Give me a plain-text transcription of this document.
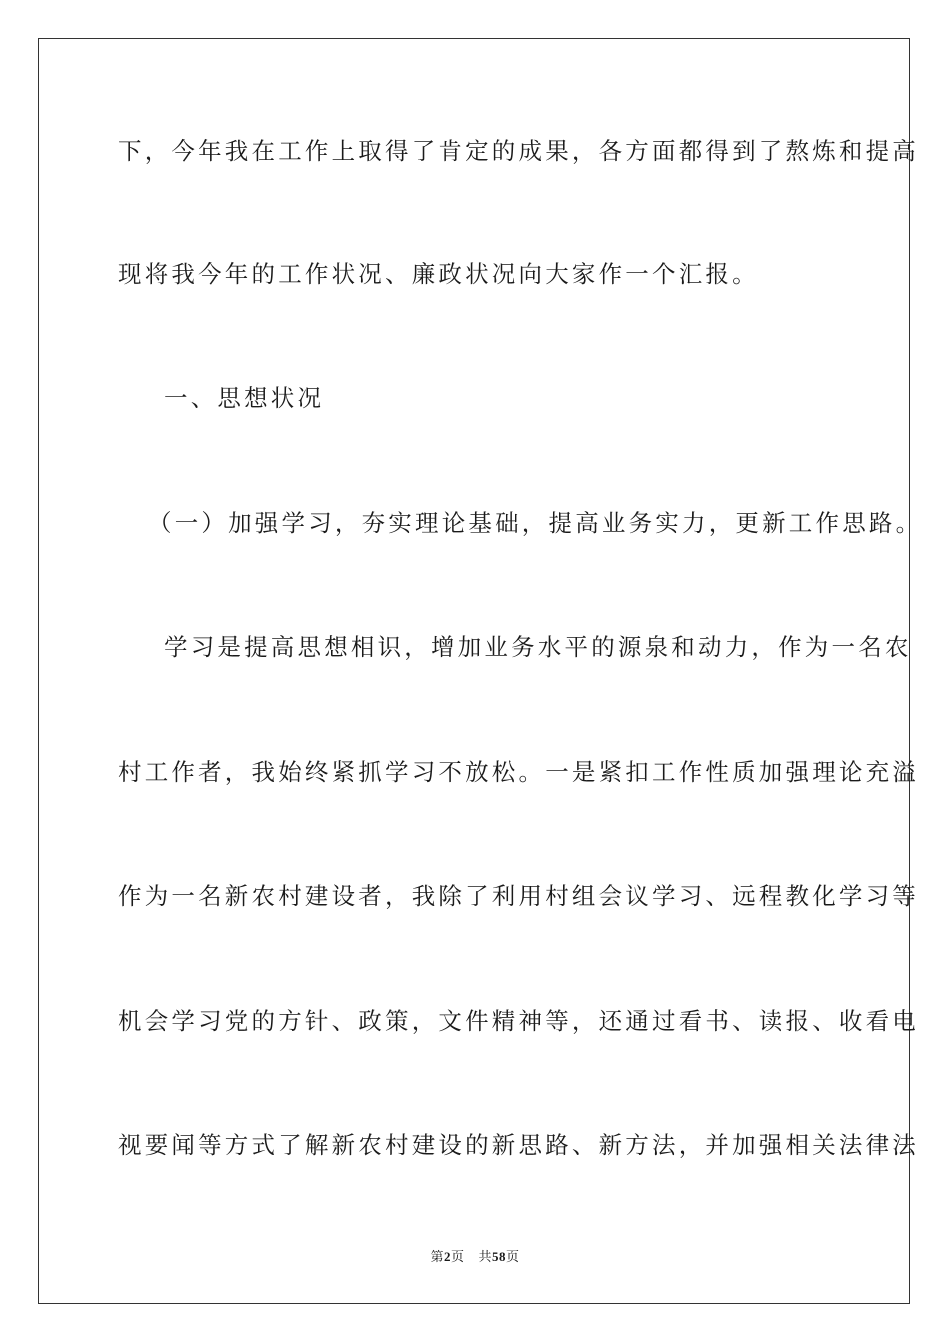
下，今年我在工作上取得了肯定的成果，各方面都得到了熬炼和提高
现将我今年的工作状况、廉政状况向大家作一个汇报。
一、思想状况
（一）加强学习，夯实理论基础，提高业务实力，更新工作思路。
学习是提高思想相识，增加业务水平的源泉和动力，作为一名农
村工作者，我始终紧抓学习不放松。一是紧扣工作性质加强理论充溢
作为一名新农村建设者，我除了利用村组会议学习、远程教化学习等
机会学习党的方针、政策，文件精神等，还通过看书、读报、收看电
视要闻等方式了解新农村建设的新思路、新方法，并加强相关法律法
第2页 共58页
